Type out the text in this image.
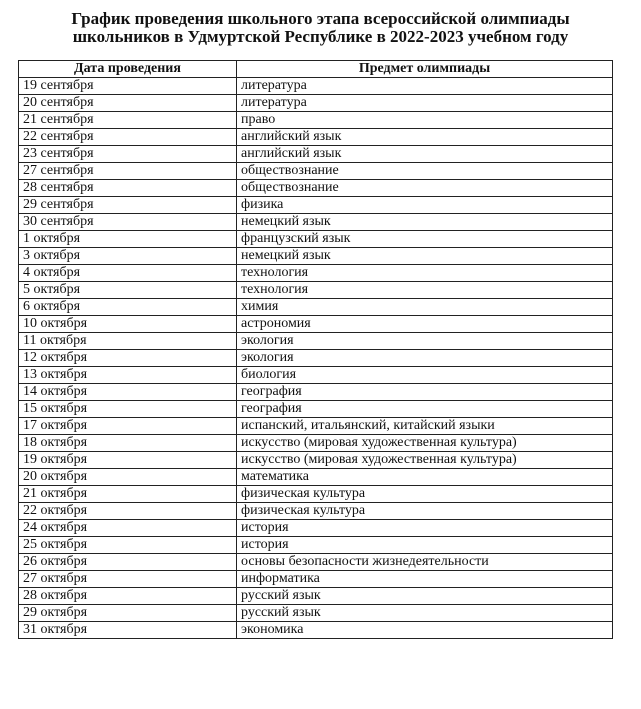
График проведения школьного этапа всероссийской олимпиады
школьников в Удмуртской Республике в 2022-2023 учебном году
Дата проведения	Предмет олимпиады
19 сентября	литература
20 сентября	литература
21 сентября	право
22 сентября	английский язык
23 сентября	английский язык
27 сентября	обществознание
28 сентября	обществознание
29 сентября	физика
30 сентября	немецкий язык
1 октября	французский язык
3 октября	немецкий язык
4 октября	технология
5 октября	технология
6 октября	химия
10 октября	астрономия
11 октября	экология
12 октября	экология
13 октября	биология
14 октября	география
15 октября	география
17 октября	испанский, итальянский, китайский языки
18 октября	искусство (мировая художественная культура)
19 октября	искусство (мировая художественная культура)
20 октября	математика
21 октября	физическая культура
22 октября	физическая культура
24 октября	история
25 октября	история
26 октября	основы безопасности жизнедеятельности
27 октября	информатика
28 октября	русский язык
29 октября	русский язык
31 октября	экономика
